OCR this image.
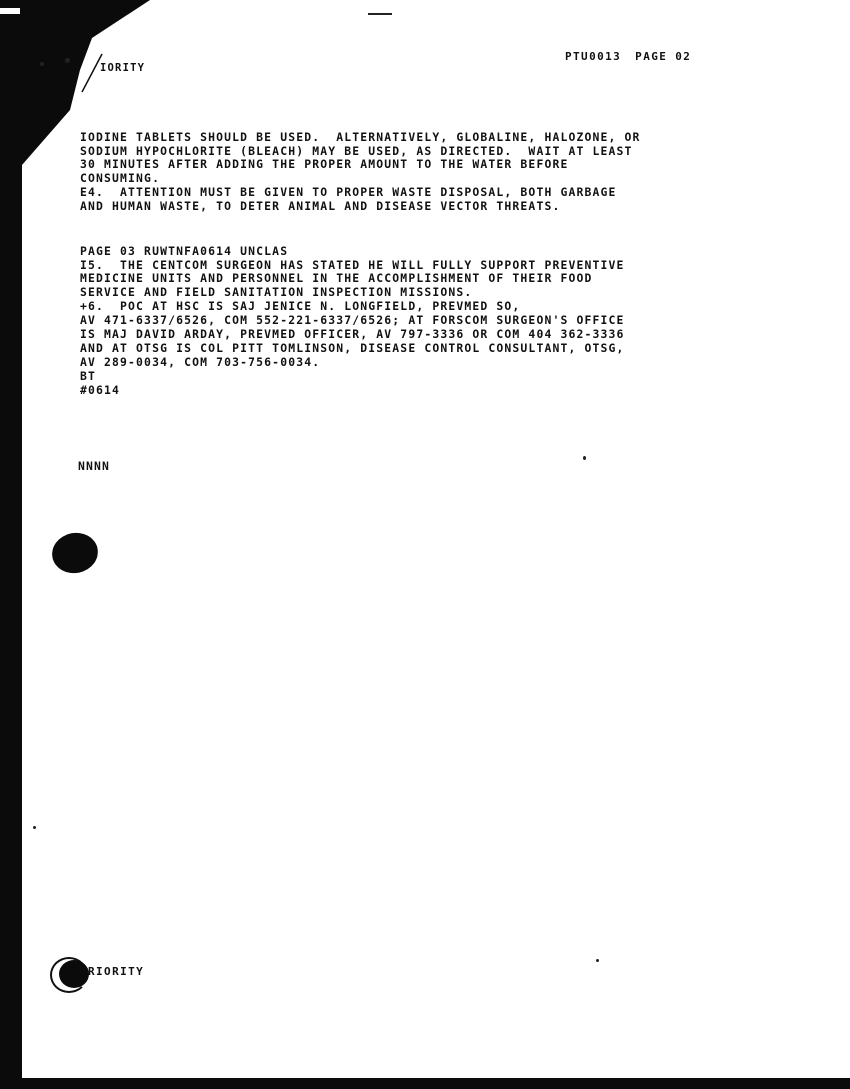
IORITY
PTU0013 PAGE 02
IODINE TABLETS SHOULD BE USED.  ALTERNATIVELY, GLOBALINE, HALOZONE, OR
SODIUM HYPOCHLORITE (BLEACH) MAY BE USED, AS DIRECTED.  WAIT AT LEAST
30 MINUTES AFTER ADDING THE PROPER AMOUNT TO THE WATER BEFORE
CONSUMING.
E4.  ATTENTION MUST BE GIVEN TO PROPER WASTE DISPOSAL, BOTH GARBAGE
AND HUMAN WASTE, TO DETER ANIMAL AND DISEASE VECTOR THREATS.
PAGE 03 RUWTNFA0614 UNCLAS
I5.  THE CENTCOM SURGEON HAS STATED HE WILL FULLY SUPPORT PREVENTIVE
MEDICINE UNITS AND PERSONNEL IN THE ACCOMPLISHMENT OF THEIR FOOD
SERVICE AND FIELD SANITATION INSPECTION MISSIONS.
+6.  POC AT HSC IS SAJ JENICE N. LONGFIELD, PREVMED SO,
AV 471-6337/6526, COM 552-221-6337/6526; AT FORSCOM SURGEON'S OFFICE
IS MAJ DAVID ARDAY, PREVMED OFFICER, AV 797-3336 OR COM 404 362-3336
AND AT OTSG IS COL PITT TOMLINSON, DISEASE CONTROL CONSULTANT, OTSG,
AV 289-0034, COM 703-756-0034.
BT
#0614
NNNN
RIORITY
